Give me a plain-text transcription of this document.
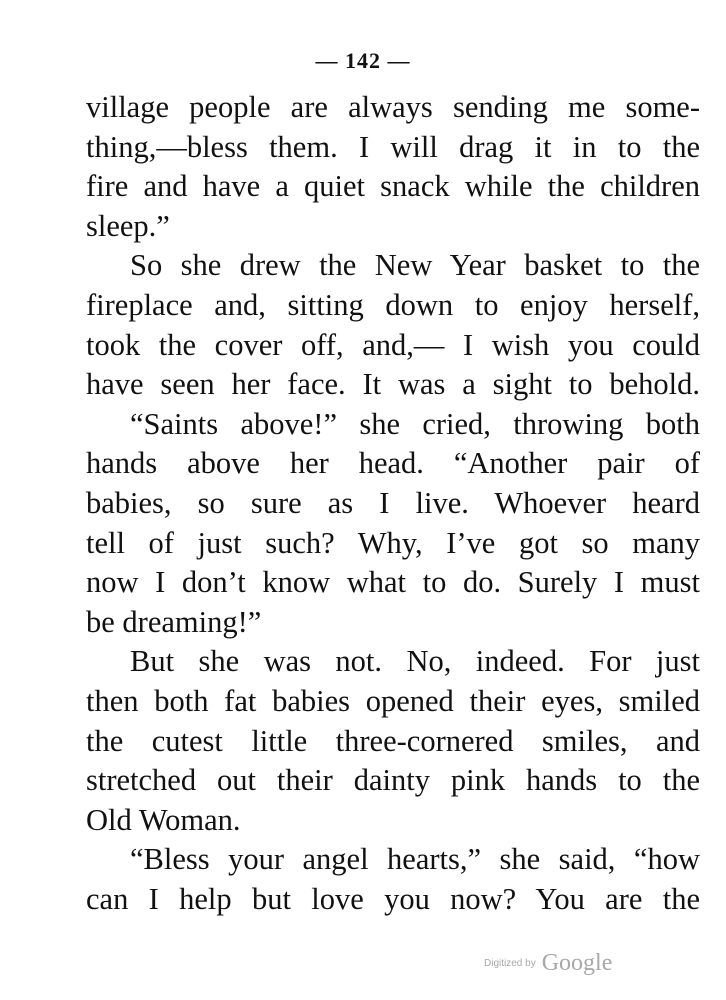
— 142 —
village people are always sending me some-
thing,—bless them. I will drag it in to the
fire and have a quiet snack while the children
sleep.”
So she drew the New Year basket to the
fireplace and, sitting down to enjoy herself,
took the cover off, and,— I wish you could
have seen her face. It was a sight to behold.
“Saints above!” she cried, throwing both
hands above her head. “Another pair of
babies, so sure as I live. Whoever heard
tell of just such? Why, I’ve got so many
now I don’t know what to do. Surely I must
be dreaming!”
But she was not. No, indeed. For just
then both fat babies opened their eyes, smiled
the cutest little three-cornered smiles, and
stretched out their dainty pink hands to the
Old Woman.
“Bless your angel hearts,” she said, “how
can I help but love you now? You are the
Digitized by Google
